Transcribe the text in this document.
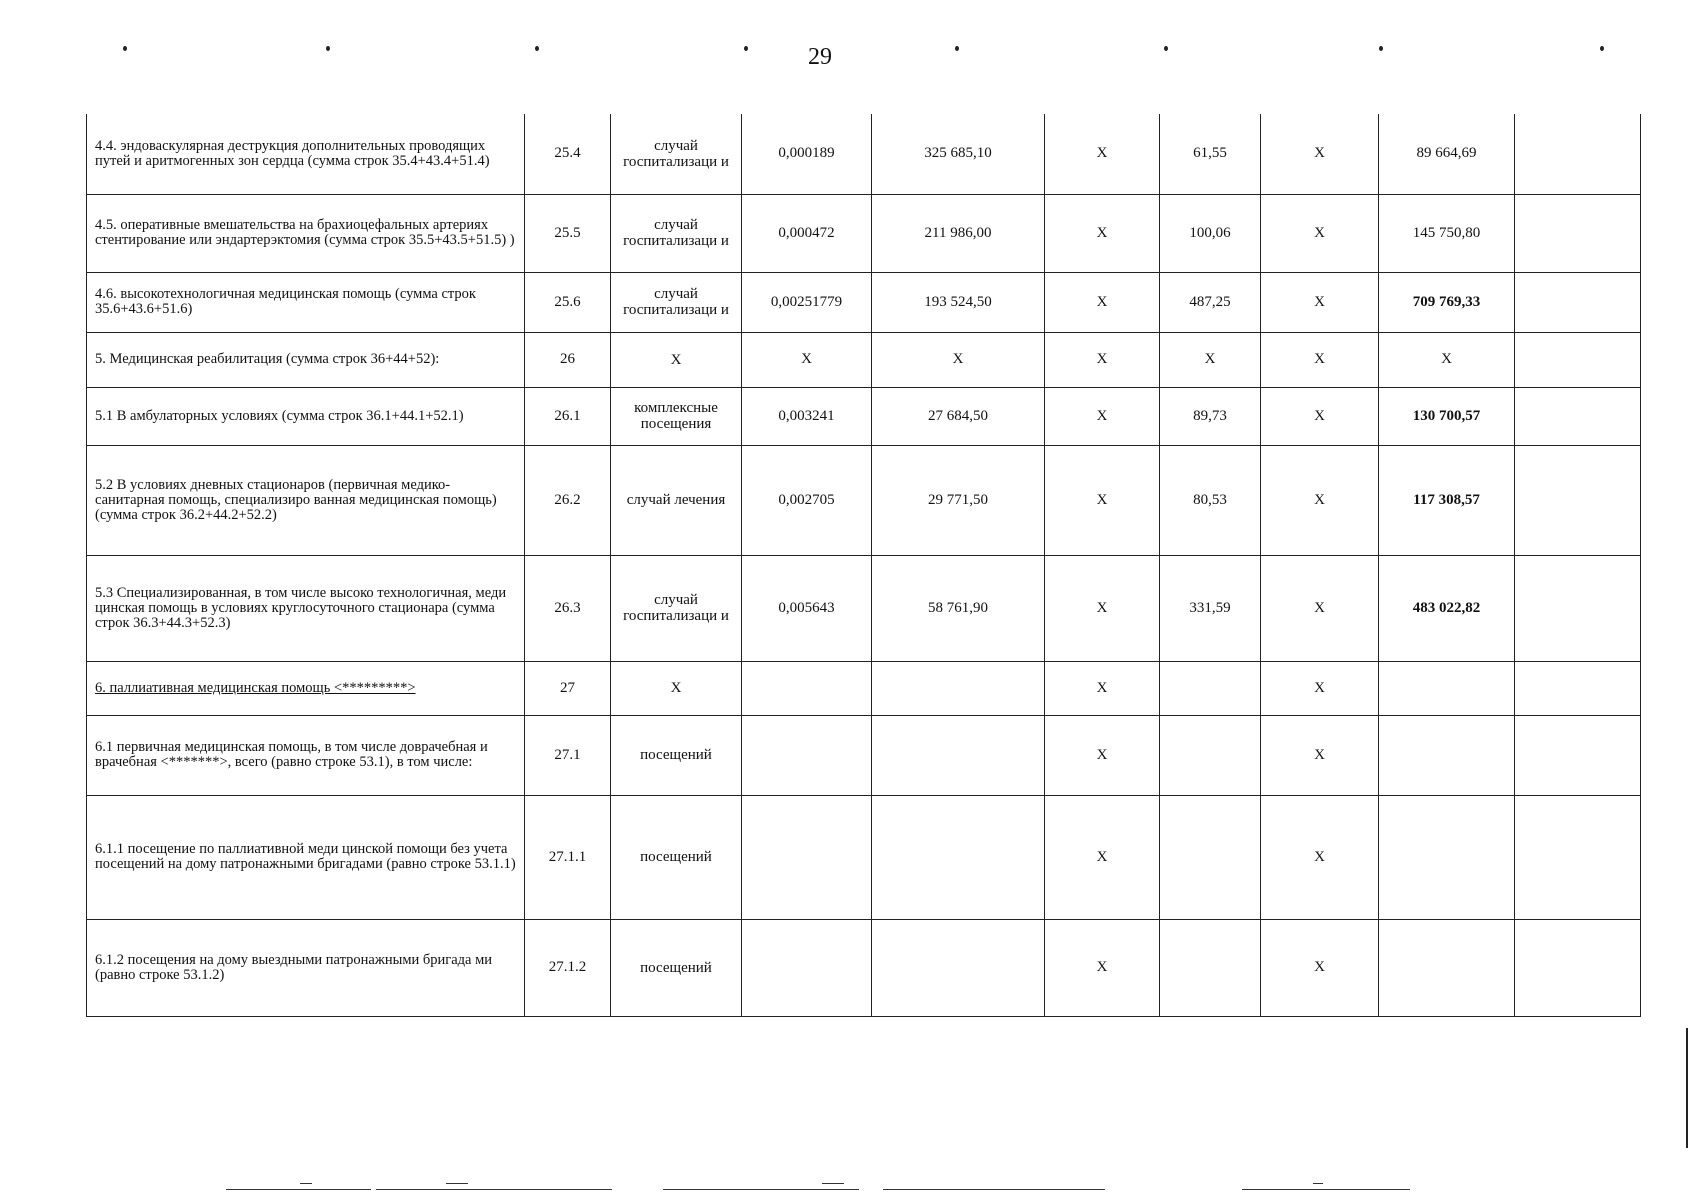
29
4.4. эндоваскулярная деструкция дополнительных проводящих путей и аритмогенных зон сердца (сумма строк 35.4+43.4+51.4)	25.4	случай госпитализаци и	0,000189	325 685,10	X	61,55	X	89 664,69	
4.5. оперативные вмешательства на брахиоцефальных артериях стентирование или эндартерэктомия (сумма строк 35.5+43.5+51.5) )	25.5	случай госпитализаци и	0,000472	211 986,00	X	100,06	X	145 750,80	
4.6. высокотехнологичная медицинская помощь (сумма строк 35.6+43.6+51.6)	25.6	случай госпитализаци и	0,00251779	193 524,50	X	487,25	X	709 769,33	
5. Медицинская реабилитация (сумма строк 36+44+52):	26	X	X	X	X	X	X	X	
5.1 В амбулаторных условиях (сумма строк 36.1+44.1+52.1)	26.1	комплексные посещения	0,003241	27 684,50	X	89,73	X	130 700,57	
5.2 В условиях дневных стационаров (первичная медико-санитарная помощь, специализиро ванная медицинская помощь) (сумма строк 36.2+44.2+52.2)	26.2	случай лечения	0,002705	29 771,50	X	80,53	X	117 308,57	
5.3 Специализированная, в том числе высоко технологичная, меди цинская помощь в условиях круглосуточного стационара (сумма строк 36.3+44.3+52.3)	26.3	случай госпитализаци и	0,005643	58 761,90	X	331,59	X	483 022,82	
6. паллиативная медицинская помощь <*********>	27	X			X		X		
6.1 первичная медицинская помощь, в том числе доврачебная и врачебная <*******>, всего (равно строке 53.1), в том числе:	27.1	посещений			X		X		
6.1.1 посещение по паллиативной меди цинской помощи без учета посещений на дому патронажными бригадами (равно строке 53.1.1)	27.1.1	посещений			X		X		
6.1.2 посещения на дому выездными патронажными бригада ми (равно строке 53.1.2)	27.1.2	посещений			X		X		
